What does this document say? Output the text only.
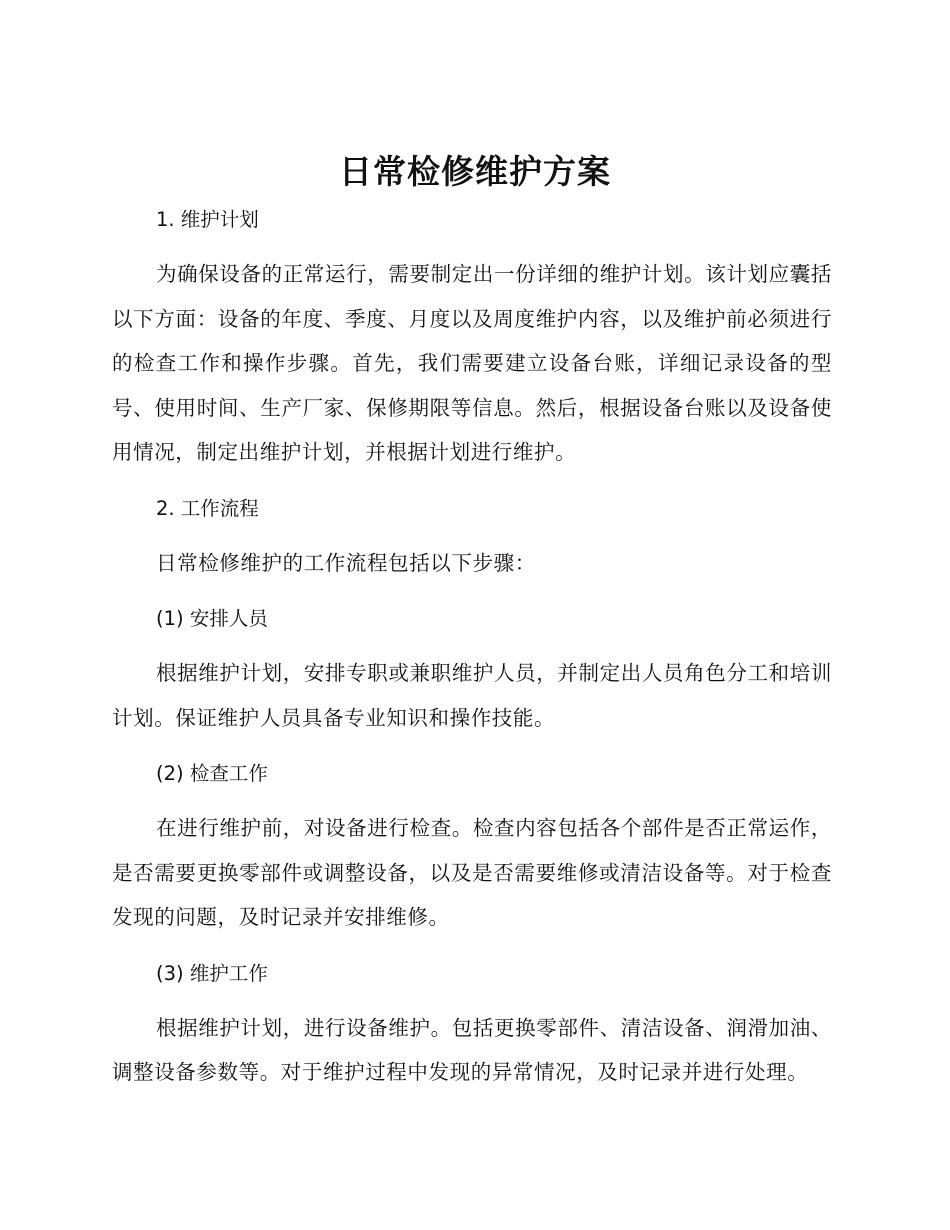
日常检修维护方案
1. 维护计划

为确保设备的正常运行，需要制定出一份详细的维护计划。该计划应囊括以下方面：设备的年度、季度、月度以及周度维护内容，以及维护前必须进行的检查工作和操作步骤。首先，我们需要建立设备台账，详细记录设备的型号、使用时间、生产厂家、保修期限等信息。然后，根据设备台账以及设备使用情况，制定出维护计划，并根据计划进行维护。

2. 工作流程

日常检修维护的工作流程包括以下步骤：

(1) 安排人员

根据维护计划，安排专职或兼职维护人员，并制定出人员角色分工和培训计划。保证维护人员具备专业知识和操作技能。

(2) 检查工作

在进行维护前，对设备进行检查。检查内容包括各个部件是否正常运作，是否需要更换零部件或调整设备，以及是否需要维修或清洁设备等。对于检查发现的问题，及时记录并安排维修。

(3) 维护工作

根据维护计划，进行设备维护。包括更换零部件、清洁设备、润滑加油、调整设备参数等。对于维护过程中发现的异常情况，及时记录并进行处理。
